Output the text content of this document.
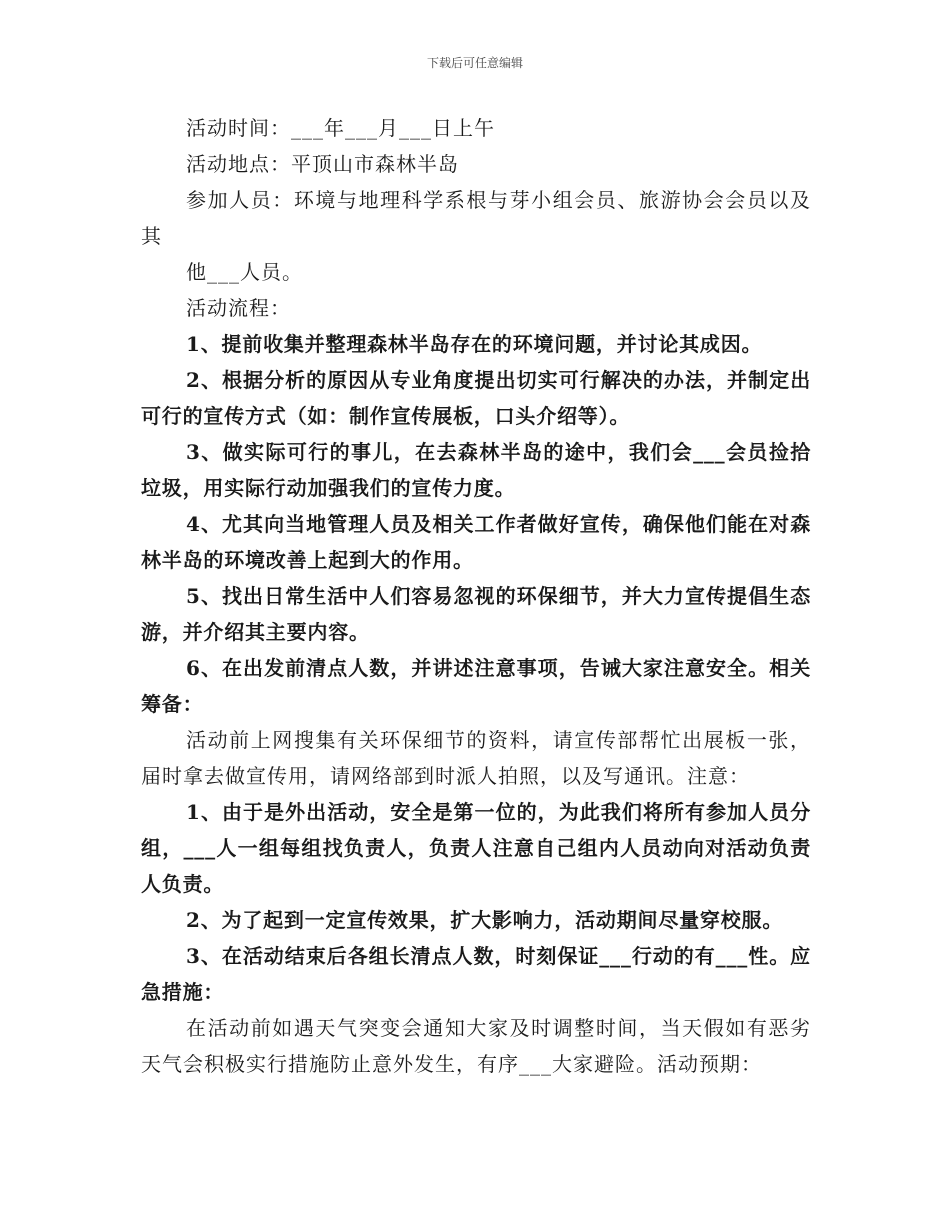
下载后可任意编辑

活动时间：___年___月___日上午

活动地点：平顶山市森林半岛

参加人员：环境与地理科学系根与芽小组会员、旅游协会会员以及其

他___人员。

活动流程：

1、提前收集并整理森林半岛存在的环境问题，并讨论其成因。

2、根据分析的原因从专业角度提出切实可行解决的办法，并制定出可行的宣传方式（如：制作宣传展板，口头介绍等）。

3、做实际可行的事儿，在去森林半岛的途中，我们会___会员捡拾垃圾，用实际行动加强我们的宣传力度。

4、尤其向当地管理人员及相关工作者做好宣传，确保他们能在对森林半岛的环境改善上起到大的作用。

5、找出日常生活中人们容易忽视的环保细节，并大力宣传提倡生态游，并介绍其主要内容。

6、在出发前清点人数，并讲述注意事项，告诫大家注意安全。相关筹备：

活动前上网搜集有关环保细节的资料，请宣传部帮忙出展板一张，届时拿去做宣传用，请网络部到时派人拍照，以及写通讯。注意：

1、由于是外出活动，安全是第一位的，为此我们将所有参加人员分组，___人一组每组找负责人，负责人注意自己组内人员动向对活动负责人负责。

2、为了起到一定宣传效果，扩大影响力，活动期间尽量穿校服。

3、在活动结束后各组长清点人数，时刻保证___行动的有___性。应急措施：

在活动前如遇天气突变会通知大家及时调整时间，当天假如有恶劣天气会积极实行措施防止意外发生，有序___大家避险。活动预期：
